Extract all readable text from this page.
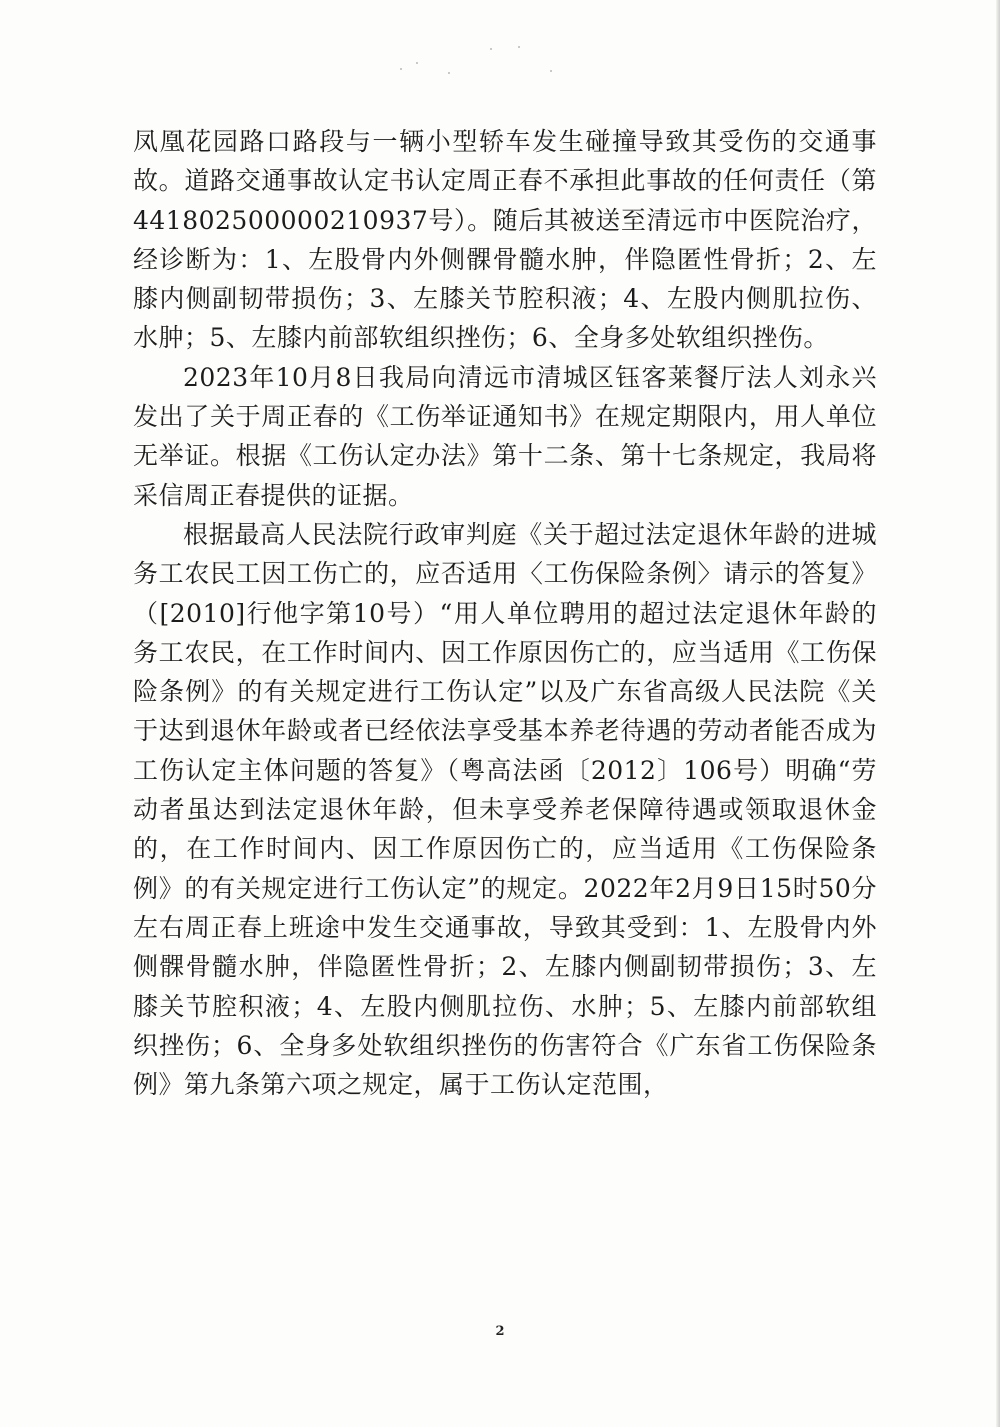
凤凰花园路口路段与一辆小型轿车发生碰撞导致其受伤的交通事故。道路交通事故认定书认定周正春不承担此事故的任何责任（第441802500000210937号）。随后其被送至清远市中医院治疗，经诊断为：1、左股骨内外侧髁骨髓水肿，伴隐匿性骨折；2、左膝内侧副韧带损伤；3、左膝关节腔积液；4、左股内侧肌拉伤、水肿；5、左膝内前部软组织挫伤；6、全身多处软组织挫伤。

2023年10月8日我局向清远市清城区钰客莱餐厅法人刘永兴发出了关于周正春的《工伤举证通知书》在规定期限内，用人单位无举证。根据《工伤认定办法》第十二条、第十七条规定，我局将采信周正春提供的证据。

根据最高人民法院行政审判庭《关于超过法定退休年龄的进城务工农民工因工伤亡的，应否适用〈工伤保险条例〉请示的答复》（[2010]行他字第10号）“用人单位聘用的超过法定退休年龄的务工农民，在工作时间内、因工作原因伤亡的，应当适用《工伤保险条例》的有关规定进行工伤认定”以及广东省高级人民法院《关于达到退休年龄或者已经依法享受基本养老待遇的劳动者能否成为工伤认定主体问题的答复》（粤高法函〔2012〕106号）明确“劳动者虽达到法定退休年龄，但未享受养老保障待遇或领取退休金的，在工作时间内、因工作原因伤亡的，应当适用《工伤保险条例》的有关规定进行工伤认定”的规定。2022年2月9日15时50分左右周正春上班途中发生交通事故，导致其受到：1、左股骨内外侧髁骨髓水肿，伴隐匿性骨折；2、左膝内侧副韧带损伤；3、左膝关节腔积液；4、左股内侧肌拉伤、水肿；5、左膝内前部软组织挫伤；6、全身多处软组织挫伤的伤害符合《广东省工伤保险条例》第九条第六项之规定，属于工伤认定范围，

2
